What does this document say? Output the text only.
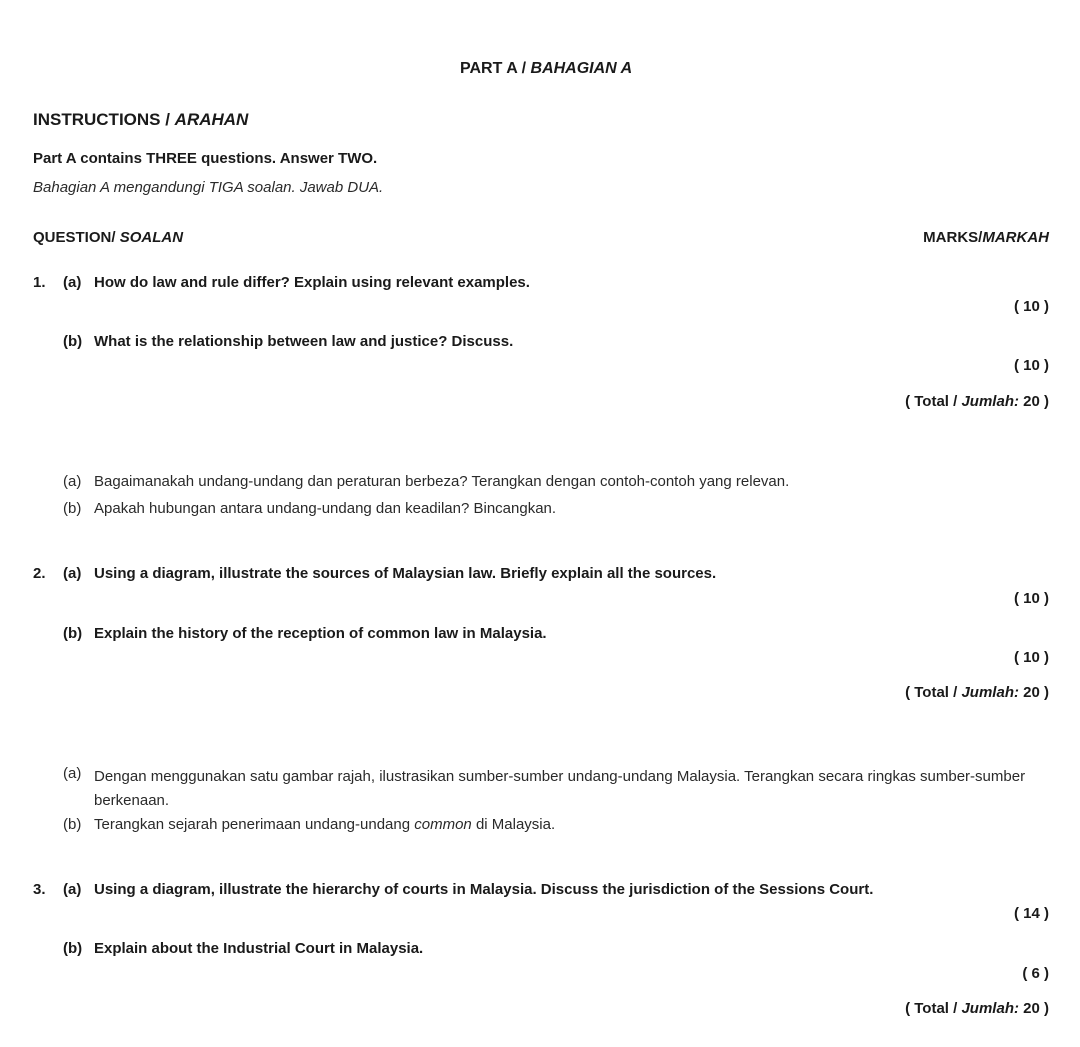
PART A / BAHAGIAN A
INSTRUCTIONS / ARAHAN
Part A contains THREE questions. Answer TWO.
Bahagian A mengandungi TIGA soalan. Jawab DUA.
QUESTION/ SOALAN	MARKS/MARKAH
1. (a) How do law and rule differ? Explain using relevant examples.
( 10 )
(b) What is the relationship between law and justice? Discuss.
( 10 )
( Total / Jumlah: 20 )
(a) Bagaimanakah undang-undang dan peraturan berbeza? Terangkan dengan contoh-contoh yang relevan.
(b) Apakah hubungan antara undang-undang dan keadilan? Bincangkan.
2. (a) Using a diagram, illustrate the sources of Malaysian law. Briefly explain all the sources.
( 10 )
(b) Explain the history of the reception of common law in Malaysia.
( 10 )
( Total / Jumlah: 20 )
(a) Dengan menggunakan satu gambar rajah, ilustrasikan sumber-sumber undang-undang Malaysia. Terangkan secara ringkas sumber-sumber berkenaan.
(b) Terangkan sejarah penerimaan undang-undang common di Malaysia.
3. (a) Using a diagram, illustrate the hierarchy of courts in Malaysia. Discuss the jurisdiction of the Sessions Court.
( 14 )
(b) Explain about the Industrial Court in Malaysia.
( 6 )
( Total / Jumlah: 20 )
